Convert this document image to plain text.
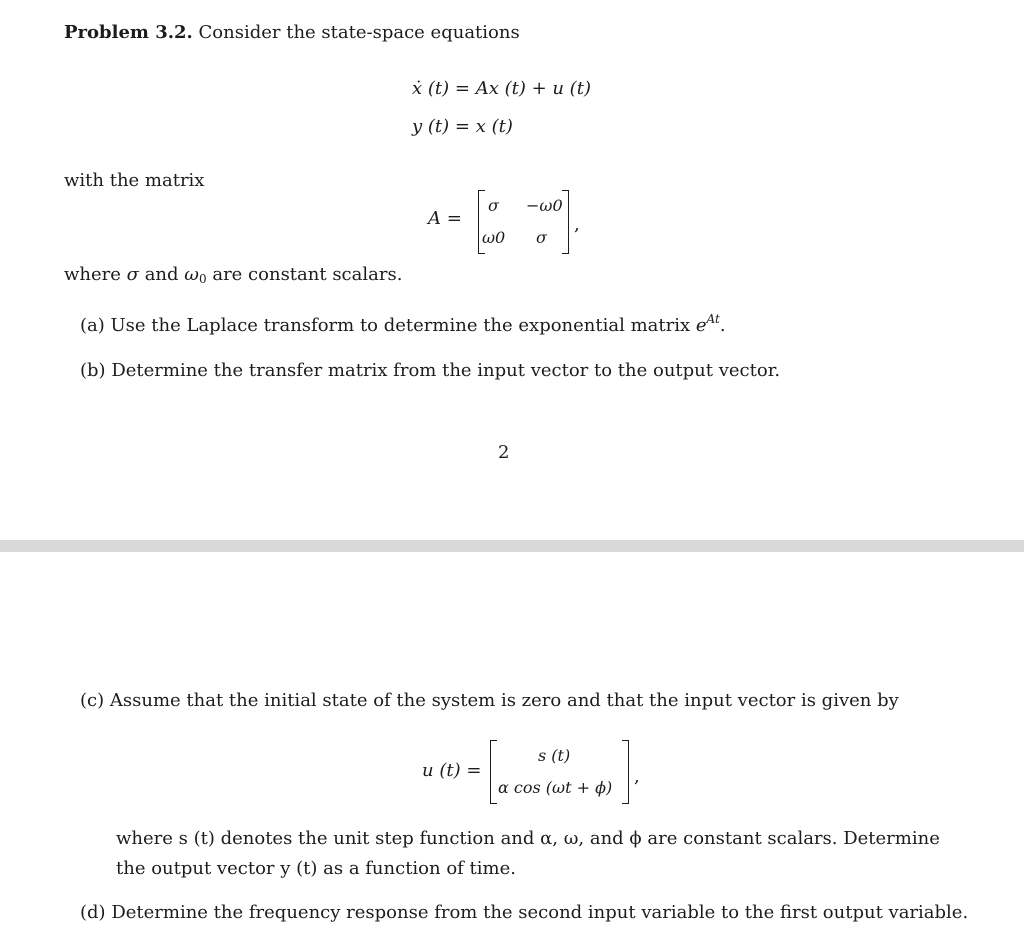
Problem 3.2. Consider the state-space equations
ẋ (t) = Ax (t) + u (t)
y (t) = x (t)
with the matrix
A =
σ −ω0
ω0 σ
,
where σ and $\omega_0$ are constant scalars.
(a) Use the Laplace transform to determine the exponential matrix $e^{At}$.
(b) Determine the transfer matrix from the input vector to the output vector.
2
(c) Assume that the initial state of the system is zero and that the input vector is given by
u (t) =
s (t)
α cos (ωt + ϕ)
,
where s (t) denotes the unit step function and α, ω, and ϕ are constant scalars. Determine
the output vector y (t) as a function of time.
(d) Determine the frequency response from the second input variable to the first output variable.
